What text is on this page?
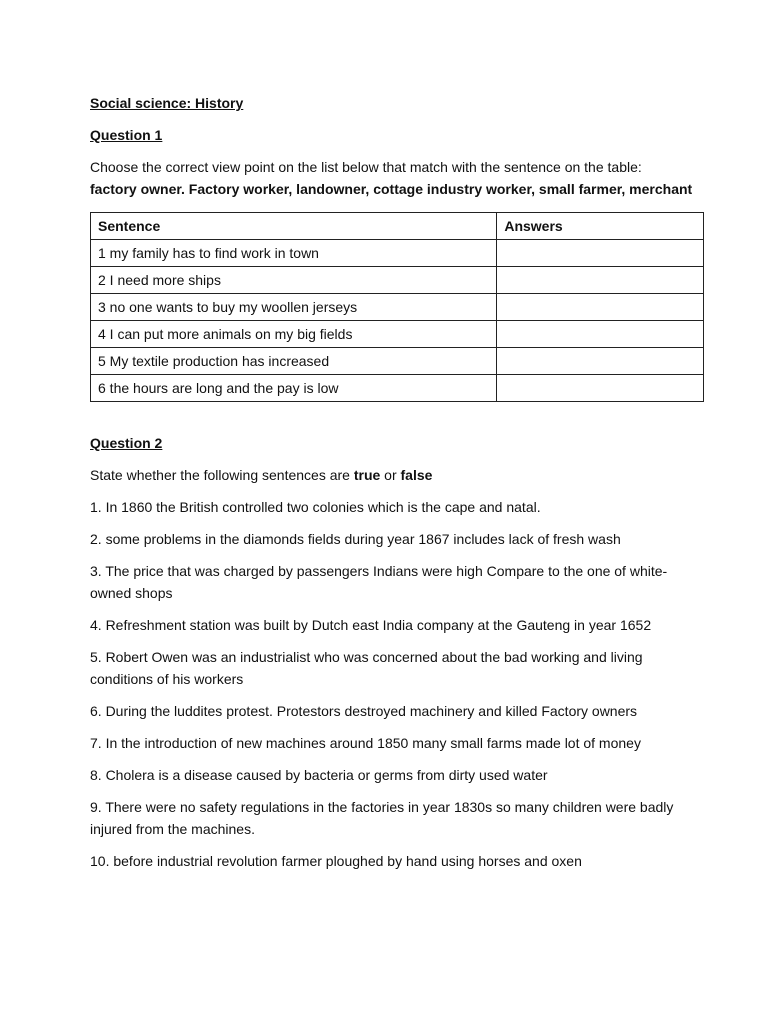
Social science: History

Question 1

Choose the correct view point on the list below that match with the sentence on the table:
factory owner. Factory worker, landowner, cottage industry worker, small farmer, merchant

Sentence	Answers
1 my family has to find work in town	
2 I need more ships	
3 no one wants to buy my woollen jerseys	
4 I can put more animals on my big fields	
5 My textile production has increased	
6 the hours are long and the pay is low	

Question 2

State whether the following sentences are true or false

1. In 1860 the British controlled two colonies which is the cape and natal.

2. some problems in the diamonds fields during year 1867 includes lack of fresh wash

3. The price that was charged by passengers Indians were high Compare to the one of white-owned shops

4. Refreshment station was built by Dutch east India company at the Gauteng in year 1652

5. Robert Owen was an industrialist who was concerned about the bad working and living conditions of his workers

6. During the luddites protest. Protestors destroyed machinery and killed Factory owners

7. In the introduction of new machines around 1850 many small farms made lot of money

8. Cholera is a disease caused by bacteria or germs from dirty used water

9. There were no safety regulations in the factories in year 1830s so many children were badly injured from the machines.

10. before industrial revolution farmer ploughed by hand using horses and oxen
